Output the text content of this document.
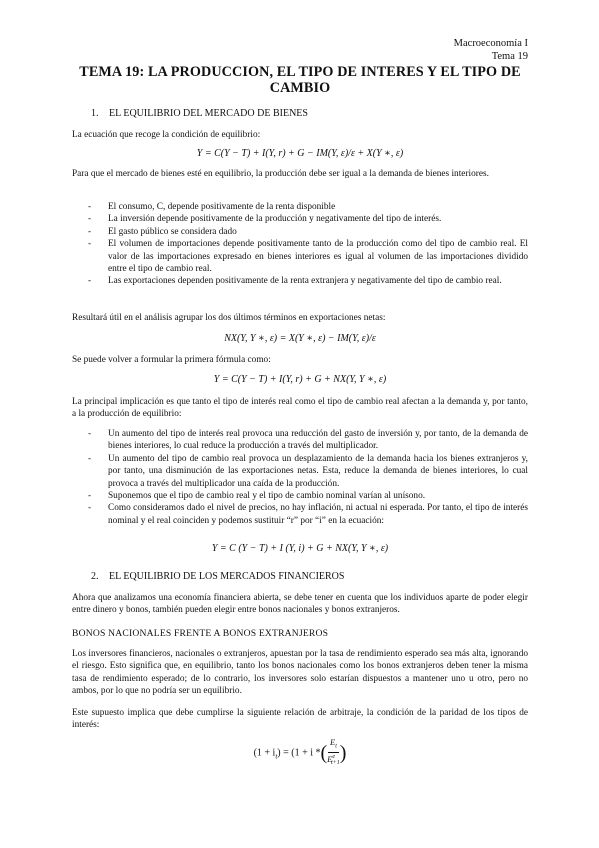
Macroeconomía I
Tema 19
TEMA 19: LA PRODUCCION, EL TIPO DE INTERES Y EL TIPO DE CAMBIO
1. EL EQUILIBRIO DEL MERCADO DE BIENES
La ecuación que recoge la condición de equilibrio:
Y = C(Y − T) + I(Y, r) + G − IM(Y, ε)/ε + X(Y ∗, ε)
Para que el mercado de bienes esté en equilibrio, la producción debe ser igual a la demanda de bienes interiores.
- El consumo, C, depende positivamente de la renta disponible
- La inversión depende positivamente de la producción y negativamente del tipo de interés.
- El gasto público se considera dado
- El volumen de importaciones depende positivamente tanto de la producción como del tipo de cambio real. El valor de las importaciones expresado en bienes interiores es igual al volumen de las importaciones dividido entre el tipo de cambio real.
- Las exportaciones dependen positivamente de la renta extranjera y negativamente del tipo de cambio real.
Resultará útil en el análisis agrupar los dos últimos términos en exportaciones netas:
NX(Y, Y ∗, ε) = X(Y ∗, ε) − IM(Y, ε)/ε
Se puede volver a formular la primera fórmula como:
Y = C(Y − T) + I(Y, r) + G + NX(Y, Y ∗, ε)
La principal implicación es que tanto el tipo de interés real como el tipo de cambio real afectan a la demanda y, por tanto, a la producción de equilibrio:
- Un aumento del tipo de interés real provoca una reducción del gasto de inversión y, por tanto, de la demanda de bienes interiores, lo cual reduce la producción a través del multiplicador.
- Un aumento del tipo de cambio real provoca un desplazamiento de la demanda hacia los bienes extranjeros y, por tanto, una disminución de las exportaciones netas. Esta, reduce la demanda de bienes interiores, lo cual provoca a través del multiplicador una caída de la producción.
- Suponemos que el tipo de cambio real y el tipo de cambio nominal varían al unísono.
- Como consideramos dado el nivel de precios, no hay inflación, ni actual ni esperada. Por tanto, el tipo de interés nominal y el real coinciden y podemos sustituir “r” por “i” en la ecuación:
Y = C (Y − T) + I (Y, i) + G + NX(Y, Y ∗, ε)
2. EL EQUILIBRIO DE LOS MERCADOS FINANCIEROS
Ahora que analizamos una economía financiera abierta, se debe tener en cuenta que los individuos aparte de poder elegir entre dinero y bonos, también pueden elegir entre bonos nacionales y bonos extranjeros.
BONOS NACIONALES FRENTE A BONOS EXTRANJEROS
Los inversores financieros, nacionales o extranjeros, apuestan por la tasa de rendimiento esperado sea más alta, ignorando el riesgo. Esto significa que, en equilibrio, tanto los bonos nacionales como los bonos extranjeros deben tener la misma tasa de rendimiento esperado; de lo contrario, los inversores solo estarían dispuestos a mantener uno u otro, pero no ambos, por lo que no podría ser un equilibrio.
Este supuesto implica que debe cumplirse la siguiente relación de arbitraje, la condición de la paridad de los tipos de interés:
$(1 + i_t) = (1 + i$ *( $\frac{E_t}{E^e_{t+1}}$ )
